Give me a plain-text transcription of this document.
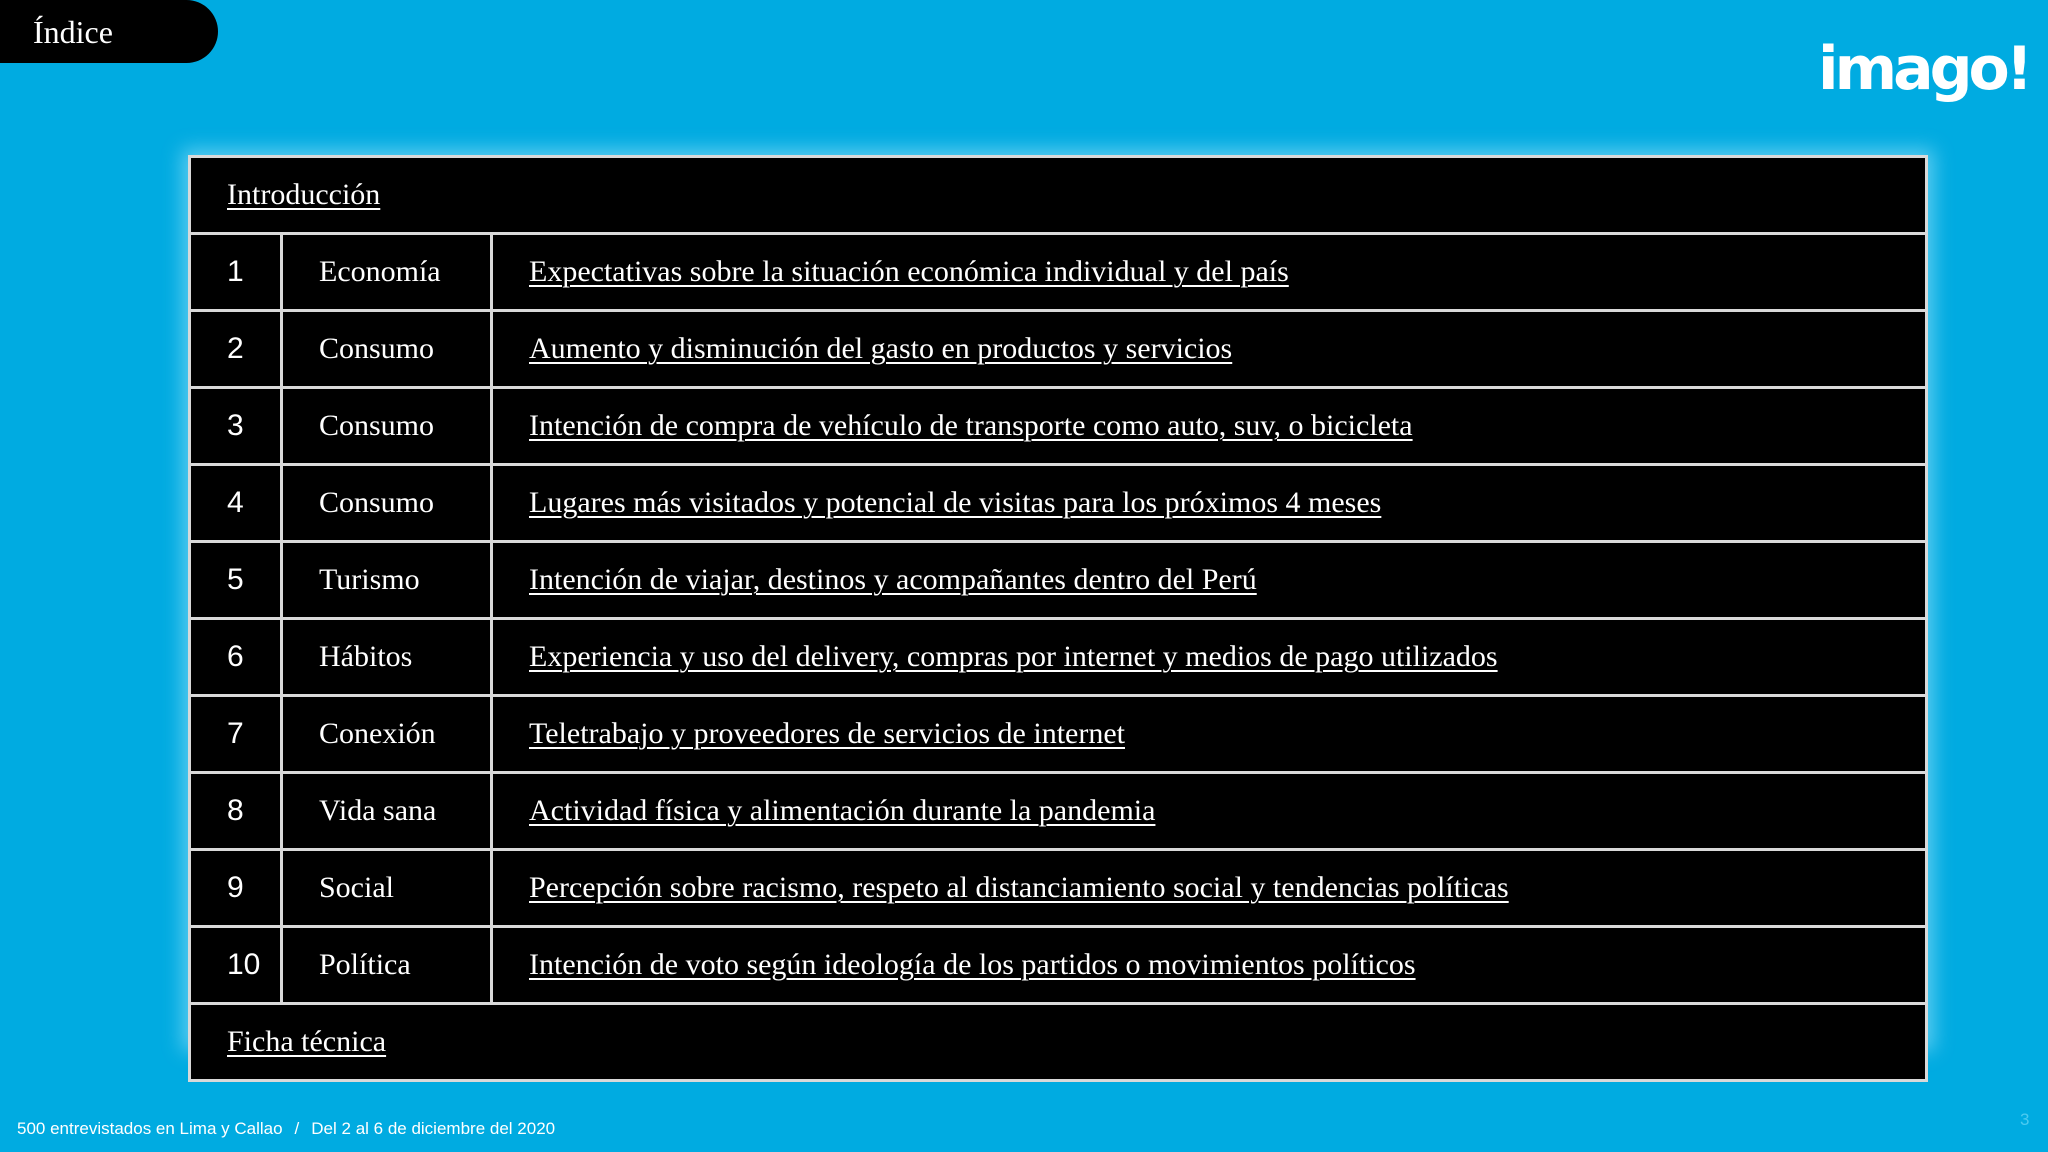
Índice
imago!
Introducción		
1	Economía	Expectativas sobre la situación económica individual y del país
2	Consumo	Aumento y disminución del gasto en productos y servicios
3	Consumo	Intención de compra de vehículo de transporte como auto, suv, o bicicleta
4	Consumo	Lugares más visitados y potencial de visitas para los próximos 4 meses
5	Turismo	Intención de viajar, destinos y acompañantes dentro del Perú
6	Hábitos	Experiencia y uso del delivery, compras por internet y medios de pago utilizados
7	Conexión	Teletrabajo y proveedores de servicios de internet
8	Vida sana	Actividad física y alimentación durante la pandemia
9	Social	Percepción sobre racismo, respeto al distanciamiento social y tendencias políticas
10	Política	Intención de voto según ideología de los partidos o movimientos políticos
Ficha técnica		
500 entrevistados en Lima y Callao / Del 2 al 6 de diciembre del 2020	3
